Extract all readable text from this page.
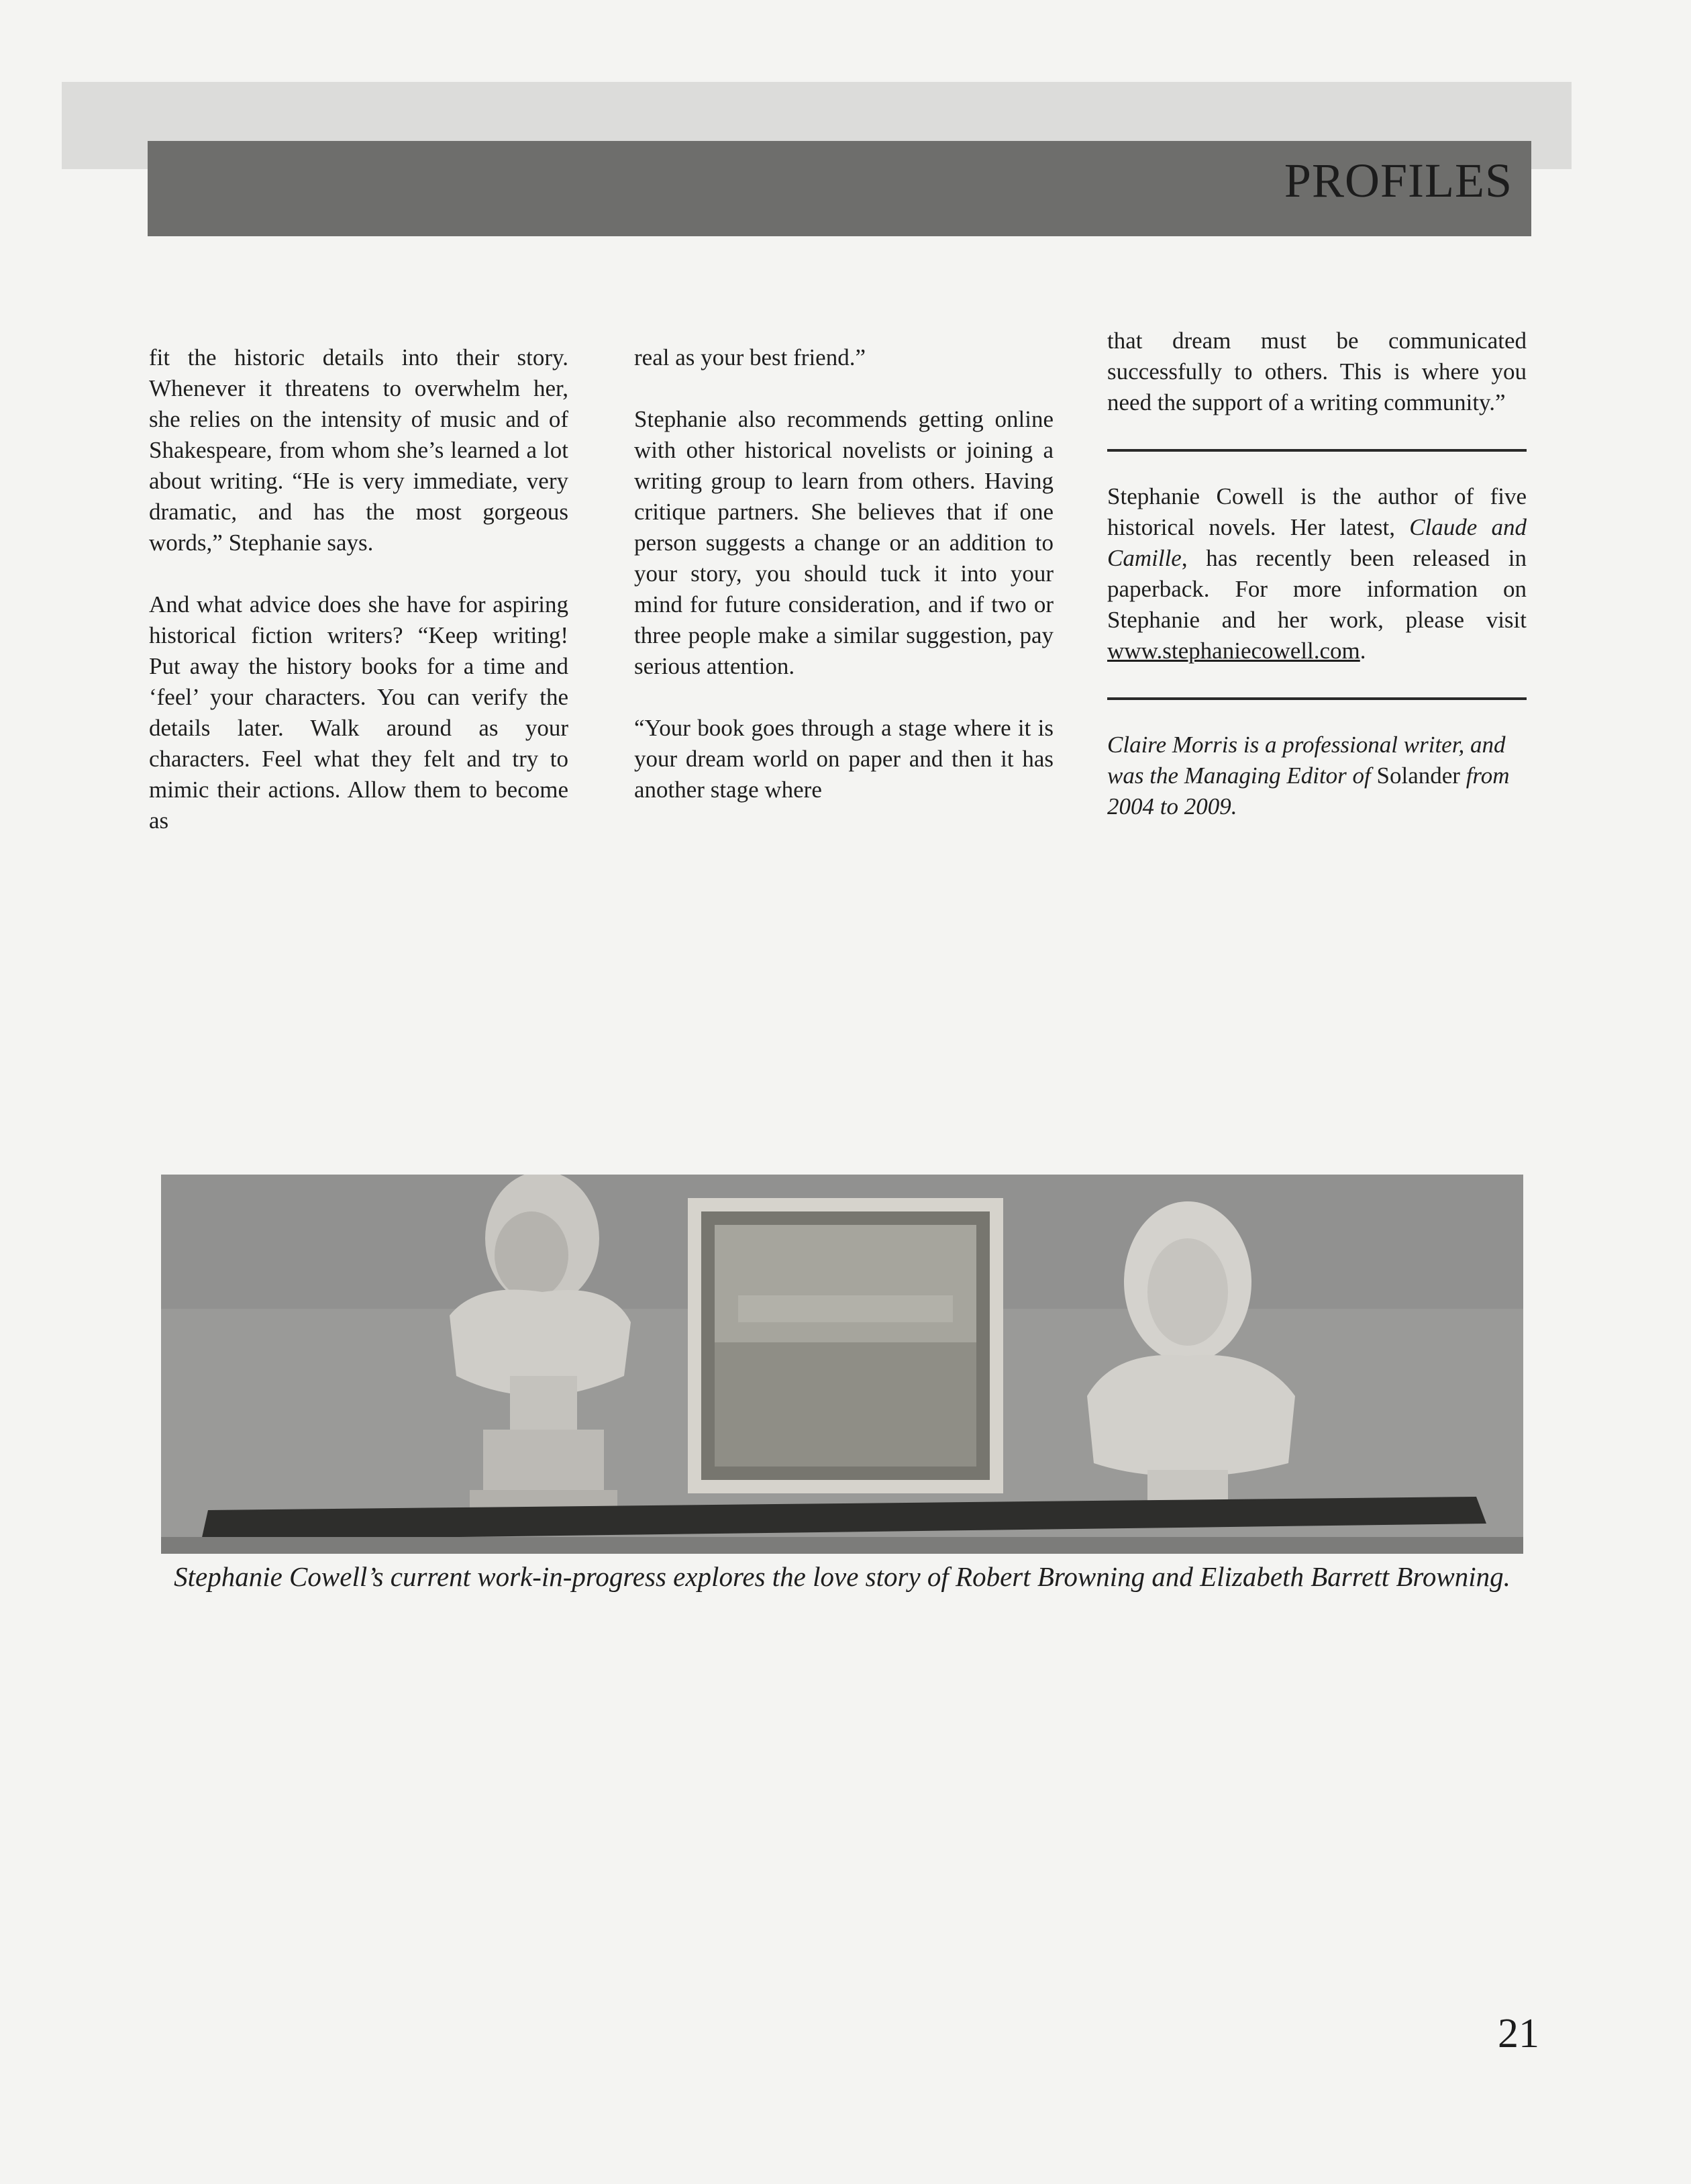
PROFILES

fit the historic details into their story. Whenever it threatens to overwhelm her, she relies on the intensity of music and of Shakespeare, from whom she’s learned a lot about writing. “He is very immediate, very dramatic, and has the most gorgeous words,” Stephanie says.

And what advice does she have for aspiring historical fiction writers? “Keep writing! Put away the history books for a time and ‘feel’ your characters. You can verify the details later. Walk around as your characters. Feel what they felt and try to mimic their actions. Allow them to become as

real as your best friend.”

Stephanie also recommends getting online with other historical novelists or joining a writing group to learn from others. Having critique partners. She believes that if one person suggests a change or an addition to your story, you should tuck it into your mind for future consideration, and if two or three people make a similar suggestion, pay serious attention.

“Your book goes through a stage where it is your dream world on paper and then it has another stage where

that dream must be communicated successfully to others. This is where you need the support of a writing community.”

Stephanie Cowell is the author of five historical novels. Her latest, Claude and Camille, has recently been released in paperback. For more information on Stephanie and her work, please visit www.stephaniecowell.com.

Claire Morris is a professional writer, and was the Managing Editor of Solander from 2004 to 2009.

Stephanie Cowell’s current work-in-progress explores the love story of Robert Browning and Elizabeth Barrett Browning.
21
